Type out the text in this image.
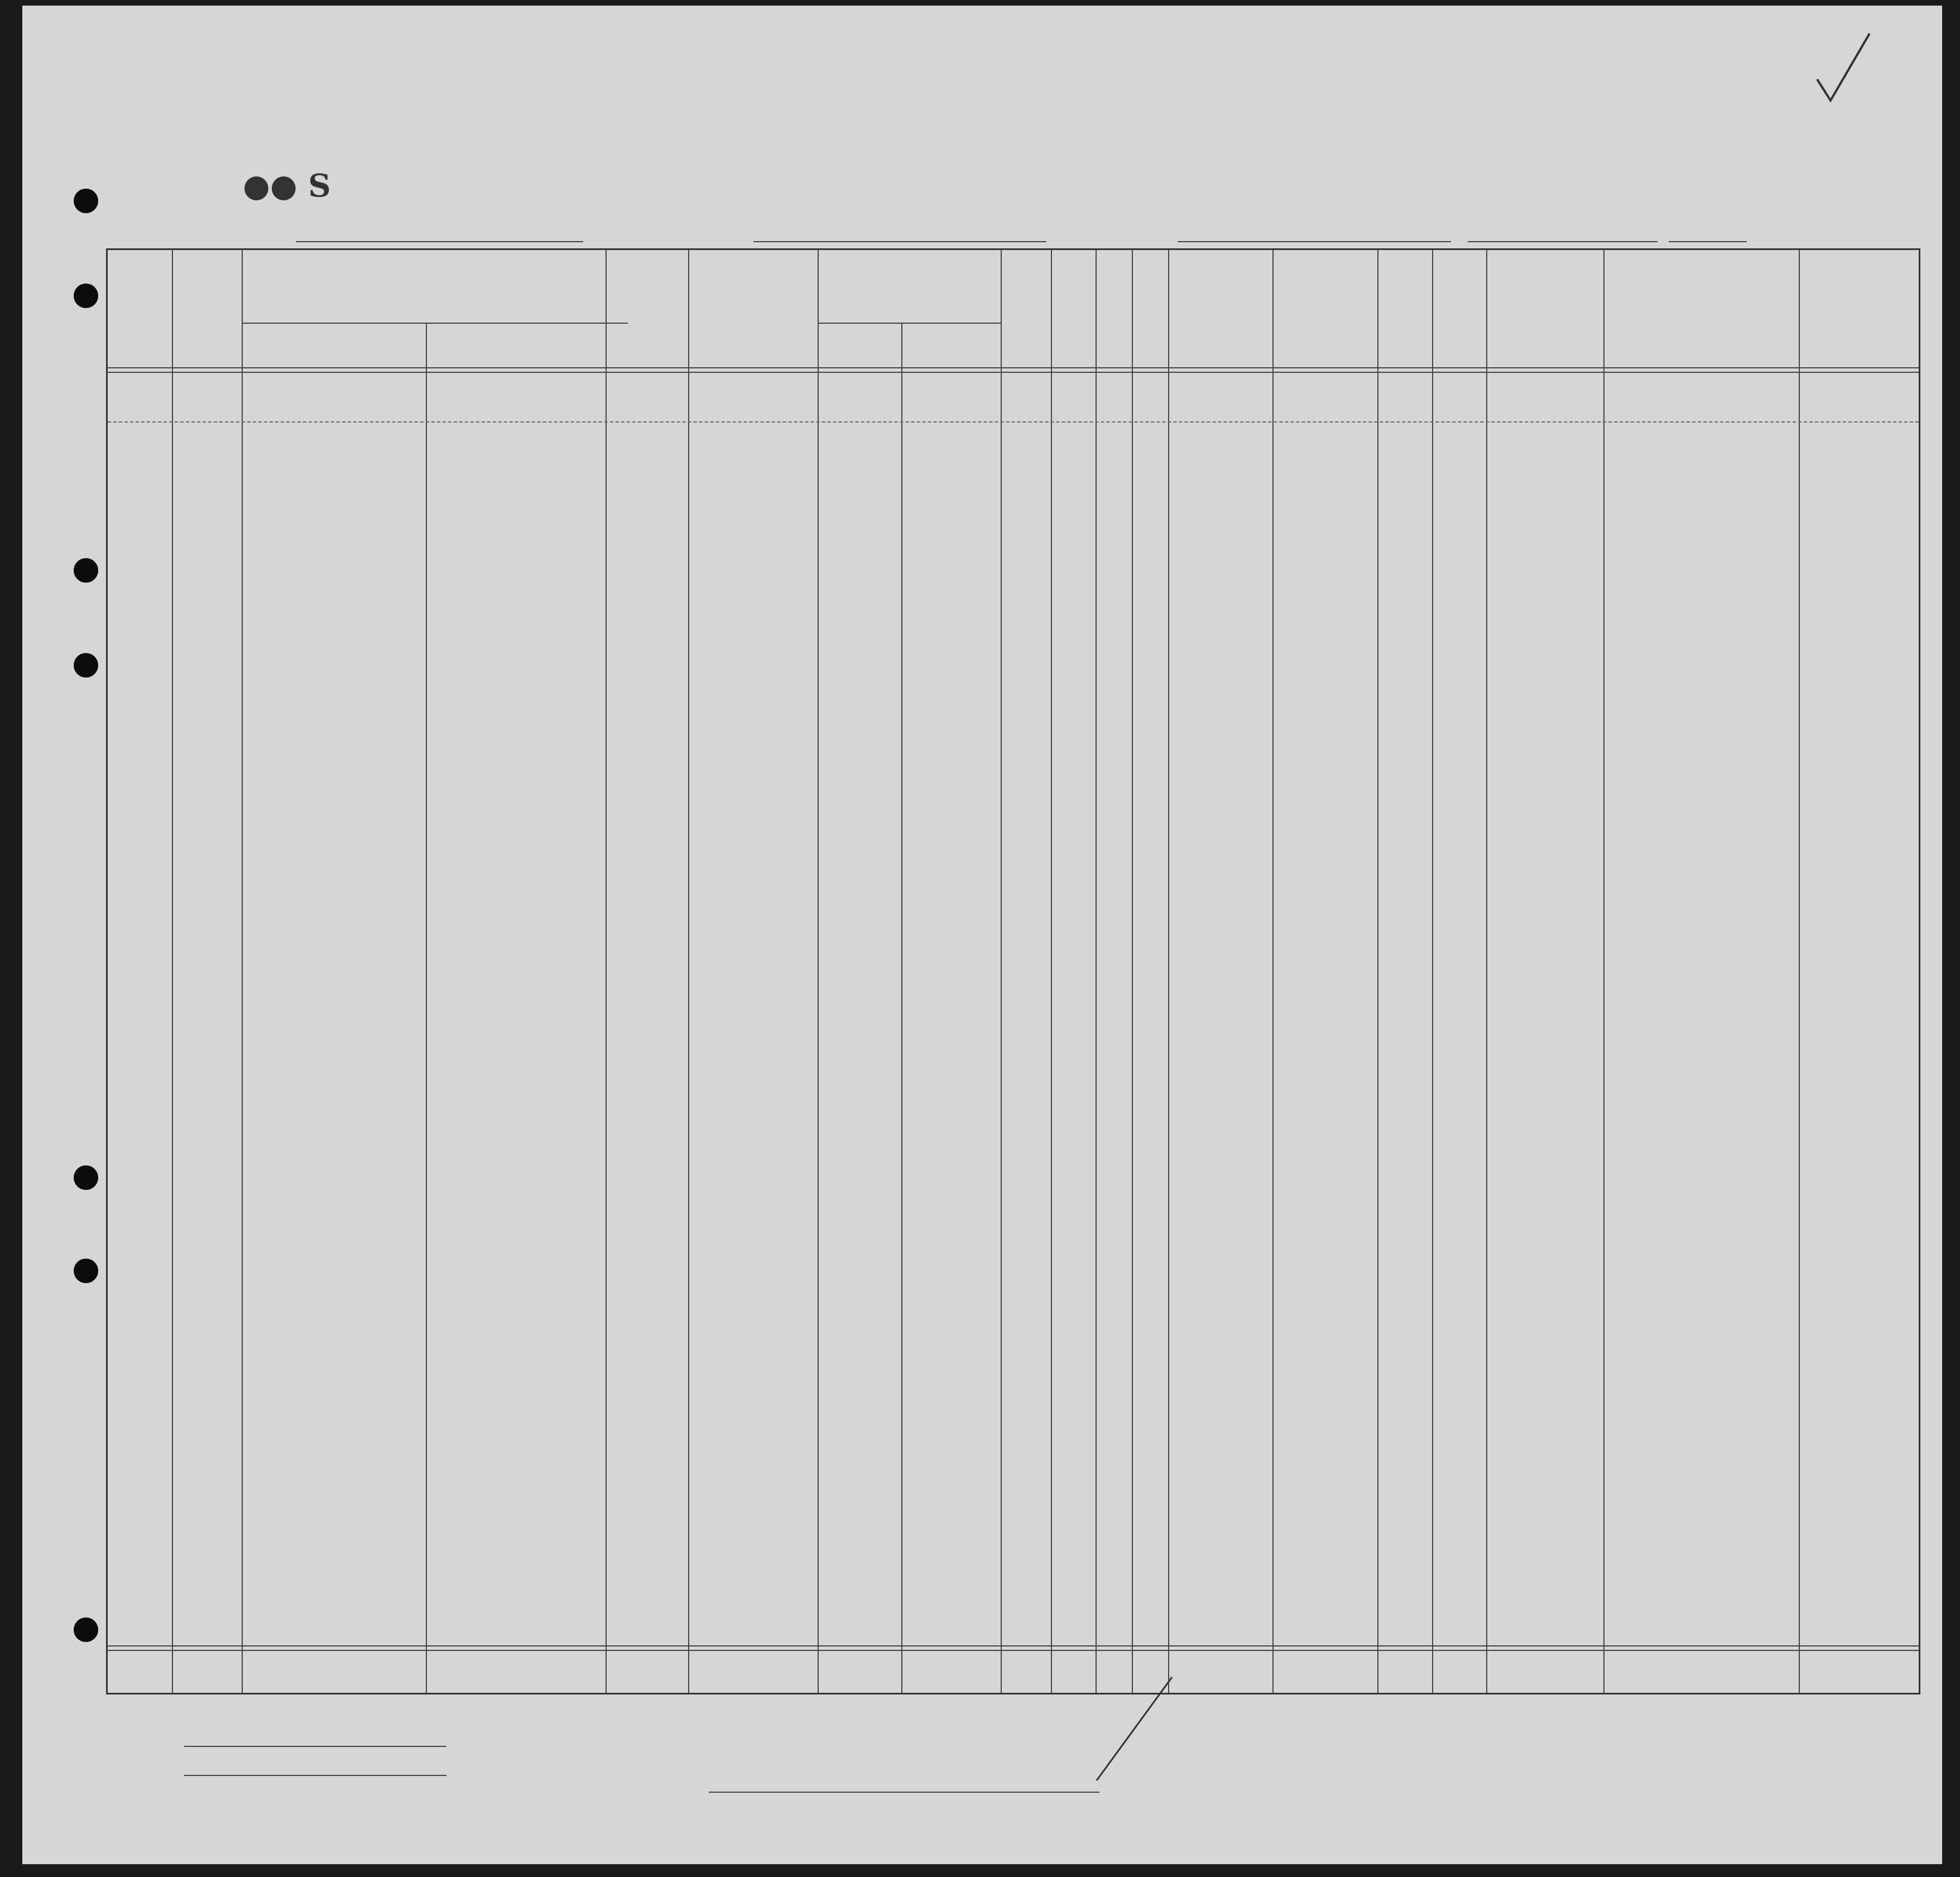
●● S
